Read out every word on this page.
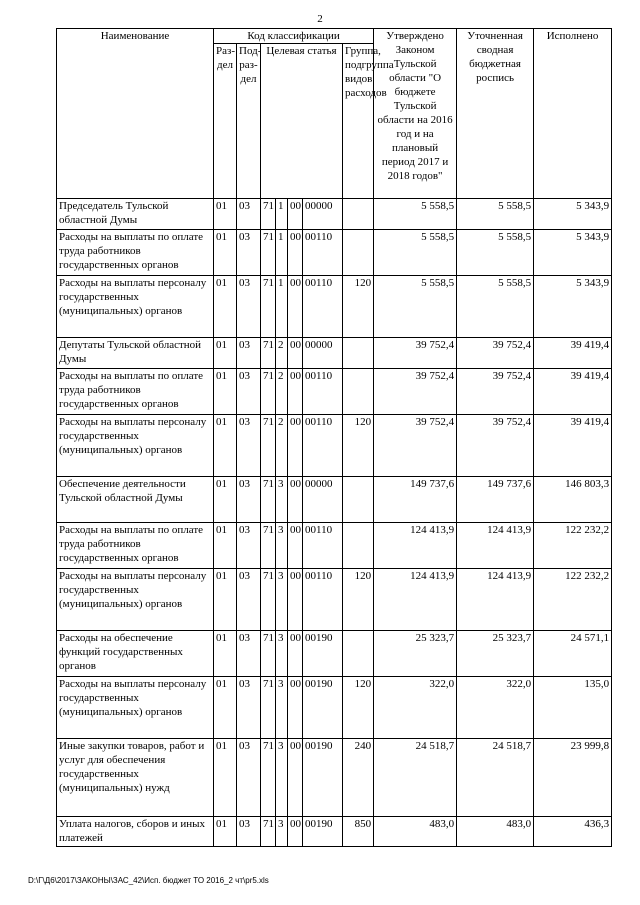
2
Наименование	Код классификации							Утверждено Законом Тульской области "О бюджете Тульской области на 2016 год и на плановый период 2017 и 2018 годов"	Уточненная сводная бюджетная роспись	Исполнено
	Раз-дел	Под-раз-дел	Целевая статья				Группа, подгруппа видов расходов			
Председатель Тульской областной Думы	01	03	71	1	00	00000		5 558,5	5 558,5	5 343,9
Расходы на выплаты по оплате труда работников государственных органов	01	03	71	1	00	00110		5 558,5	5 558,5	5 343,9
Расходы на выплаты персоналу государственных (муниципальных) органов	01	03	71	1	00	00110	120	5 558,5	5 558,5	5 343,9
Депутаты Тульской областной Думы	01	03	71	2	00	00000		39 752,4	39 752,4	39 419,4
Расходы на выплаты по оплате труда работников государственных органов	01	03	71	2	00	00110		39 752,4	39 752,4	39 419,4
Расходы на выплаты персоналу государственных (муниципальных) органов	01	03	71	2	00	00110	120	39 752,4	39 752,4	39 419,4
Обеспечение деятельности Тульской областной Думы	01	03	71	3	00	00000		149 737,6	149 737,6	146 803,3
Расходы на выплаты по оплате труда работников государственных органов	01	03	71	3	00	00110		124 413,9	124 413,9	122 232,2
Расходы на выплаты персоналу государственных (муниципальных) органов	01	03	71	3	00	00110	120	124 413,9	124 413,9	122 232,2
Расходы на обеспечение функций государственных органов	01	03	71	3	00	00190		25 323,7	25 323,7	24 571,1
Расходы на выплаты персоналу государственных (муниципальных) органов	01	03	71	3	00	00190	120	322,0	322,0	135,0
Иные закупки товаров, работ и услуг для обеспечения государственных (муниципальных) нужд	01	03	71	3	00	00190	240	24 518,7	24 518,7	23 999,8
Уплата налогов, сборов и иных платежей	01	03	71	3	00	00190	850	483,0	483,0	436,3
D:\Г\Д6\2017\ЗАКОНЫ\ЗАС_42\Исп. бюджет ТО 2016_2 чт\pr5.xls
